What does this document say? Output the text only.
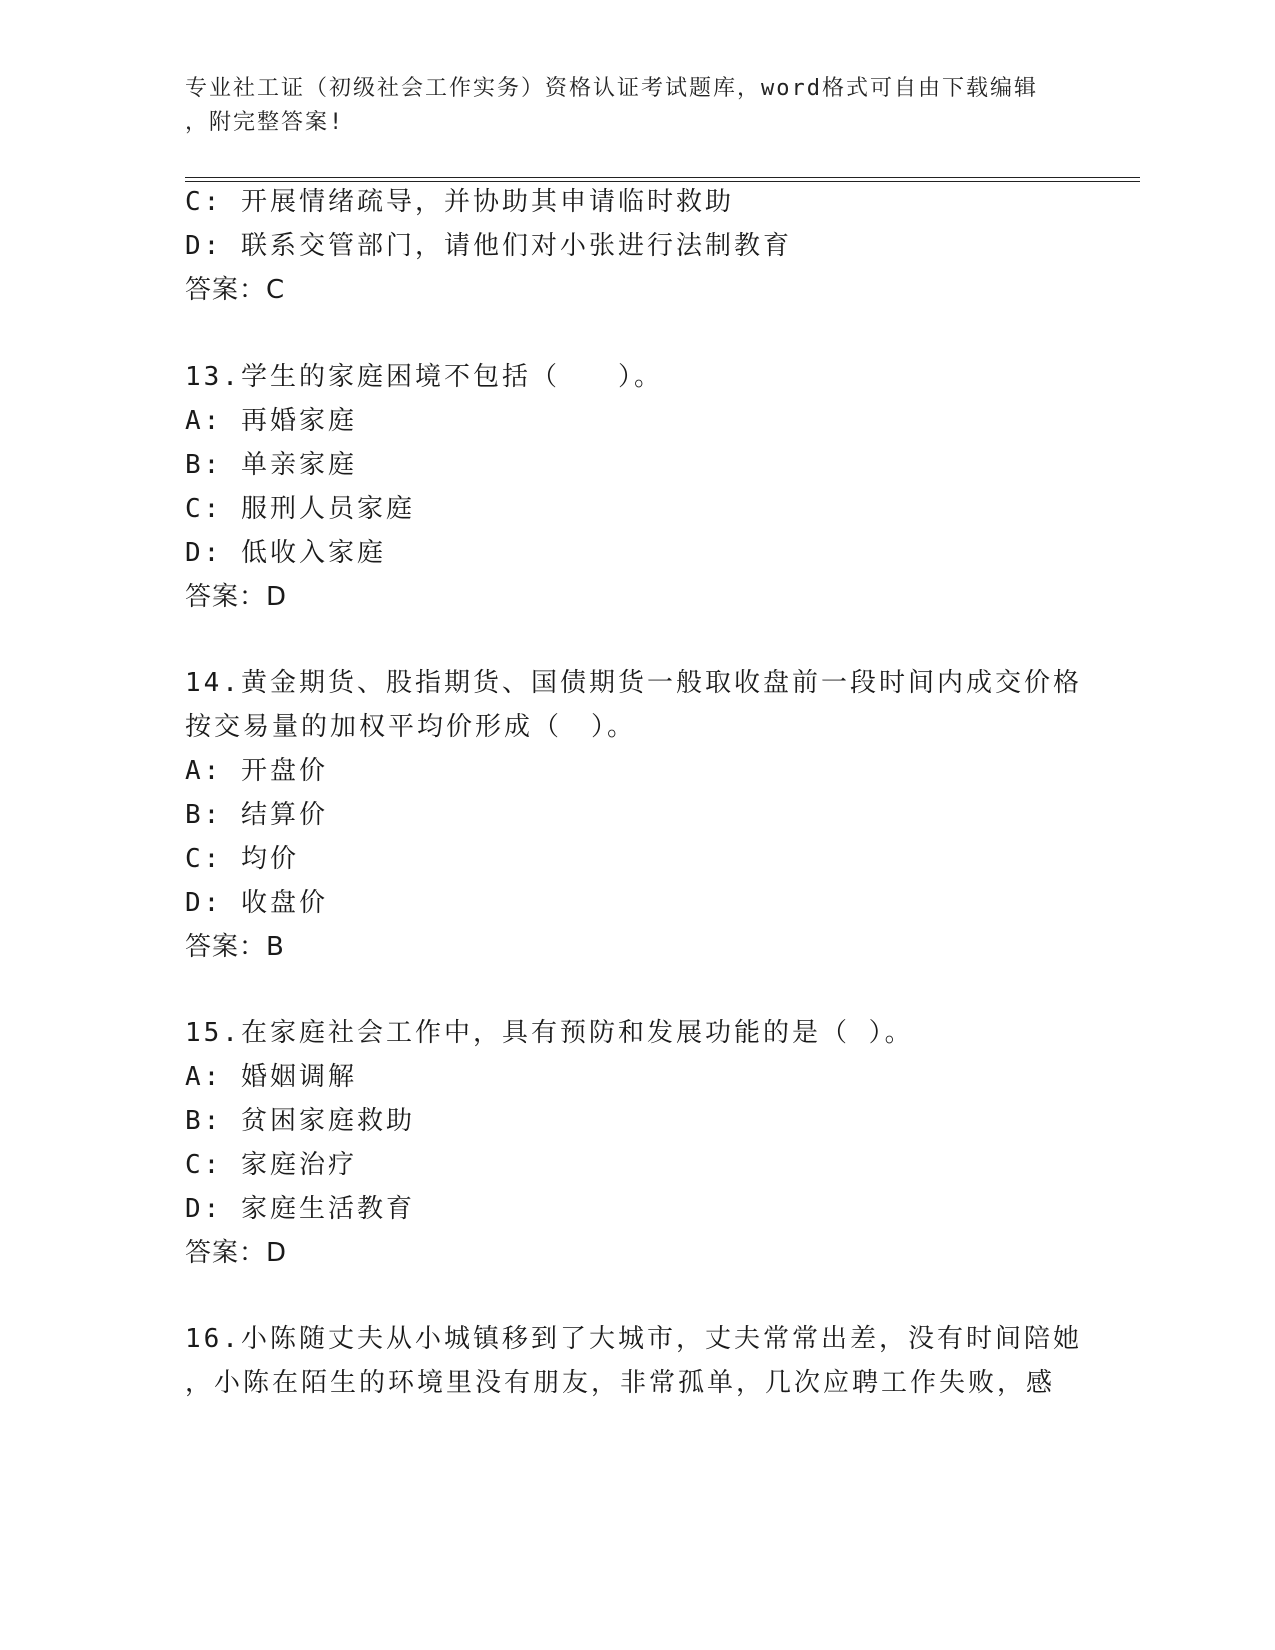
专业社工证（初级社会工作实务）资格认证考试题库，word格式可自由下载编辑
，附完整答案!
C: 开展情绪疏导，并协助其申请临时救助
D: 联系交管部门，请他们对小张进行法制教育
答案：C
13.学生的家庭困境不包括（　　）。
A: 再婚家庭
B: 单亲家庭
C: 服刑人员家庭
D: 低收入家庭
答案：D
14.黄金期货、股指期货、国债期货一般取收盘前一段时间内成交价格
按交易量的加权平均价形成（　）。
A: 开盘价
B: 结算价
C: 均价
D: 收盘价
答案：B
15.在家庭社会工作中，具有预防和发展功能的是（ ）。
A: 婚姻调解
B: 贫困家庭救助
C: 家庭治疗
D: 家庭生活教育
答案：D
16.小陈随丈夫从小城镇移到了大城市，丈夫常常出差，没有时间陪她
，小陈在陌生的环境里没有朋友，非常孤单，几次应聘工作失败，感
